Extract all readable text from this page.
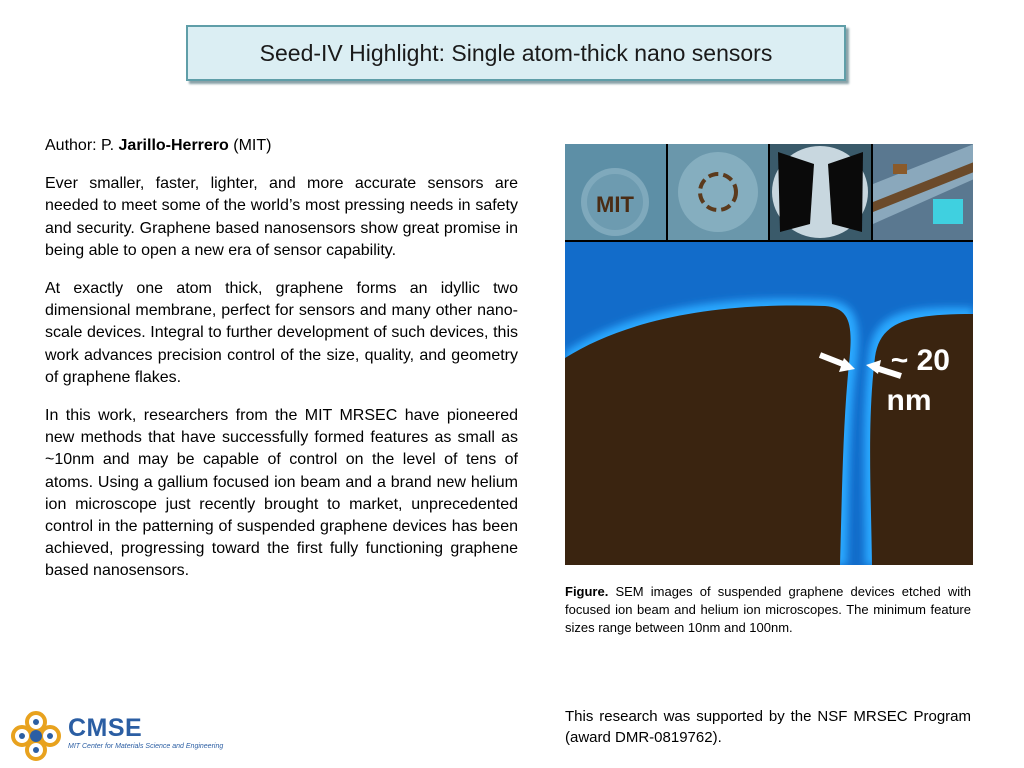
Seed-IV Highlight: Single atom-thick nano sensors
Author: P. Jarillo-Herrero (MIT)

Ever smaller, faster, lighter, and more accurate sensors are needed to meet some of the world’s most pressing needs in safety and security. Graphene based nanosensors show great promise in being able to open a new era of sensor capability.

At exactly one atom thick, graphene forms an idyllic two dimensional membrane, perfect for sensors and many other nano-scale devices. Integral to further development of such devices, this work advances precision control of the size, quality, and geometry of graphene flakes.

In this work, researchers from the MIT MRSEC have pioneered new methods that have successfully formed features as small as ~10nm and may be capable of control on the level of tens of atoms. Using a gallium focused ion beam and a brand new helium ion microscope just recently brought to market, unprecedented control in the patterning of suspended graphene devices has been achieved, progressing toward the first fully functioning graphene based nanosensors.

MIT
~ 20
nm
Figure. SEM images of suspended graphene devices etched with focused ion beam and helium ion microscopes. The minimum feature sizes range between 10nm and 100nm.
This research was supported by the NSF MRSEC Program (award DMR-0819762).
CMSE
MIT Center for Materials Science and Engineering
